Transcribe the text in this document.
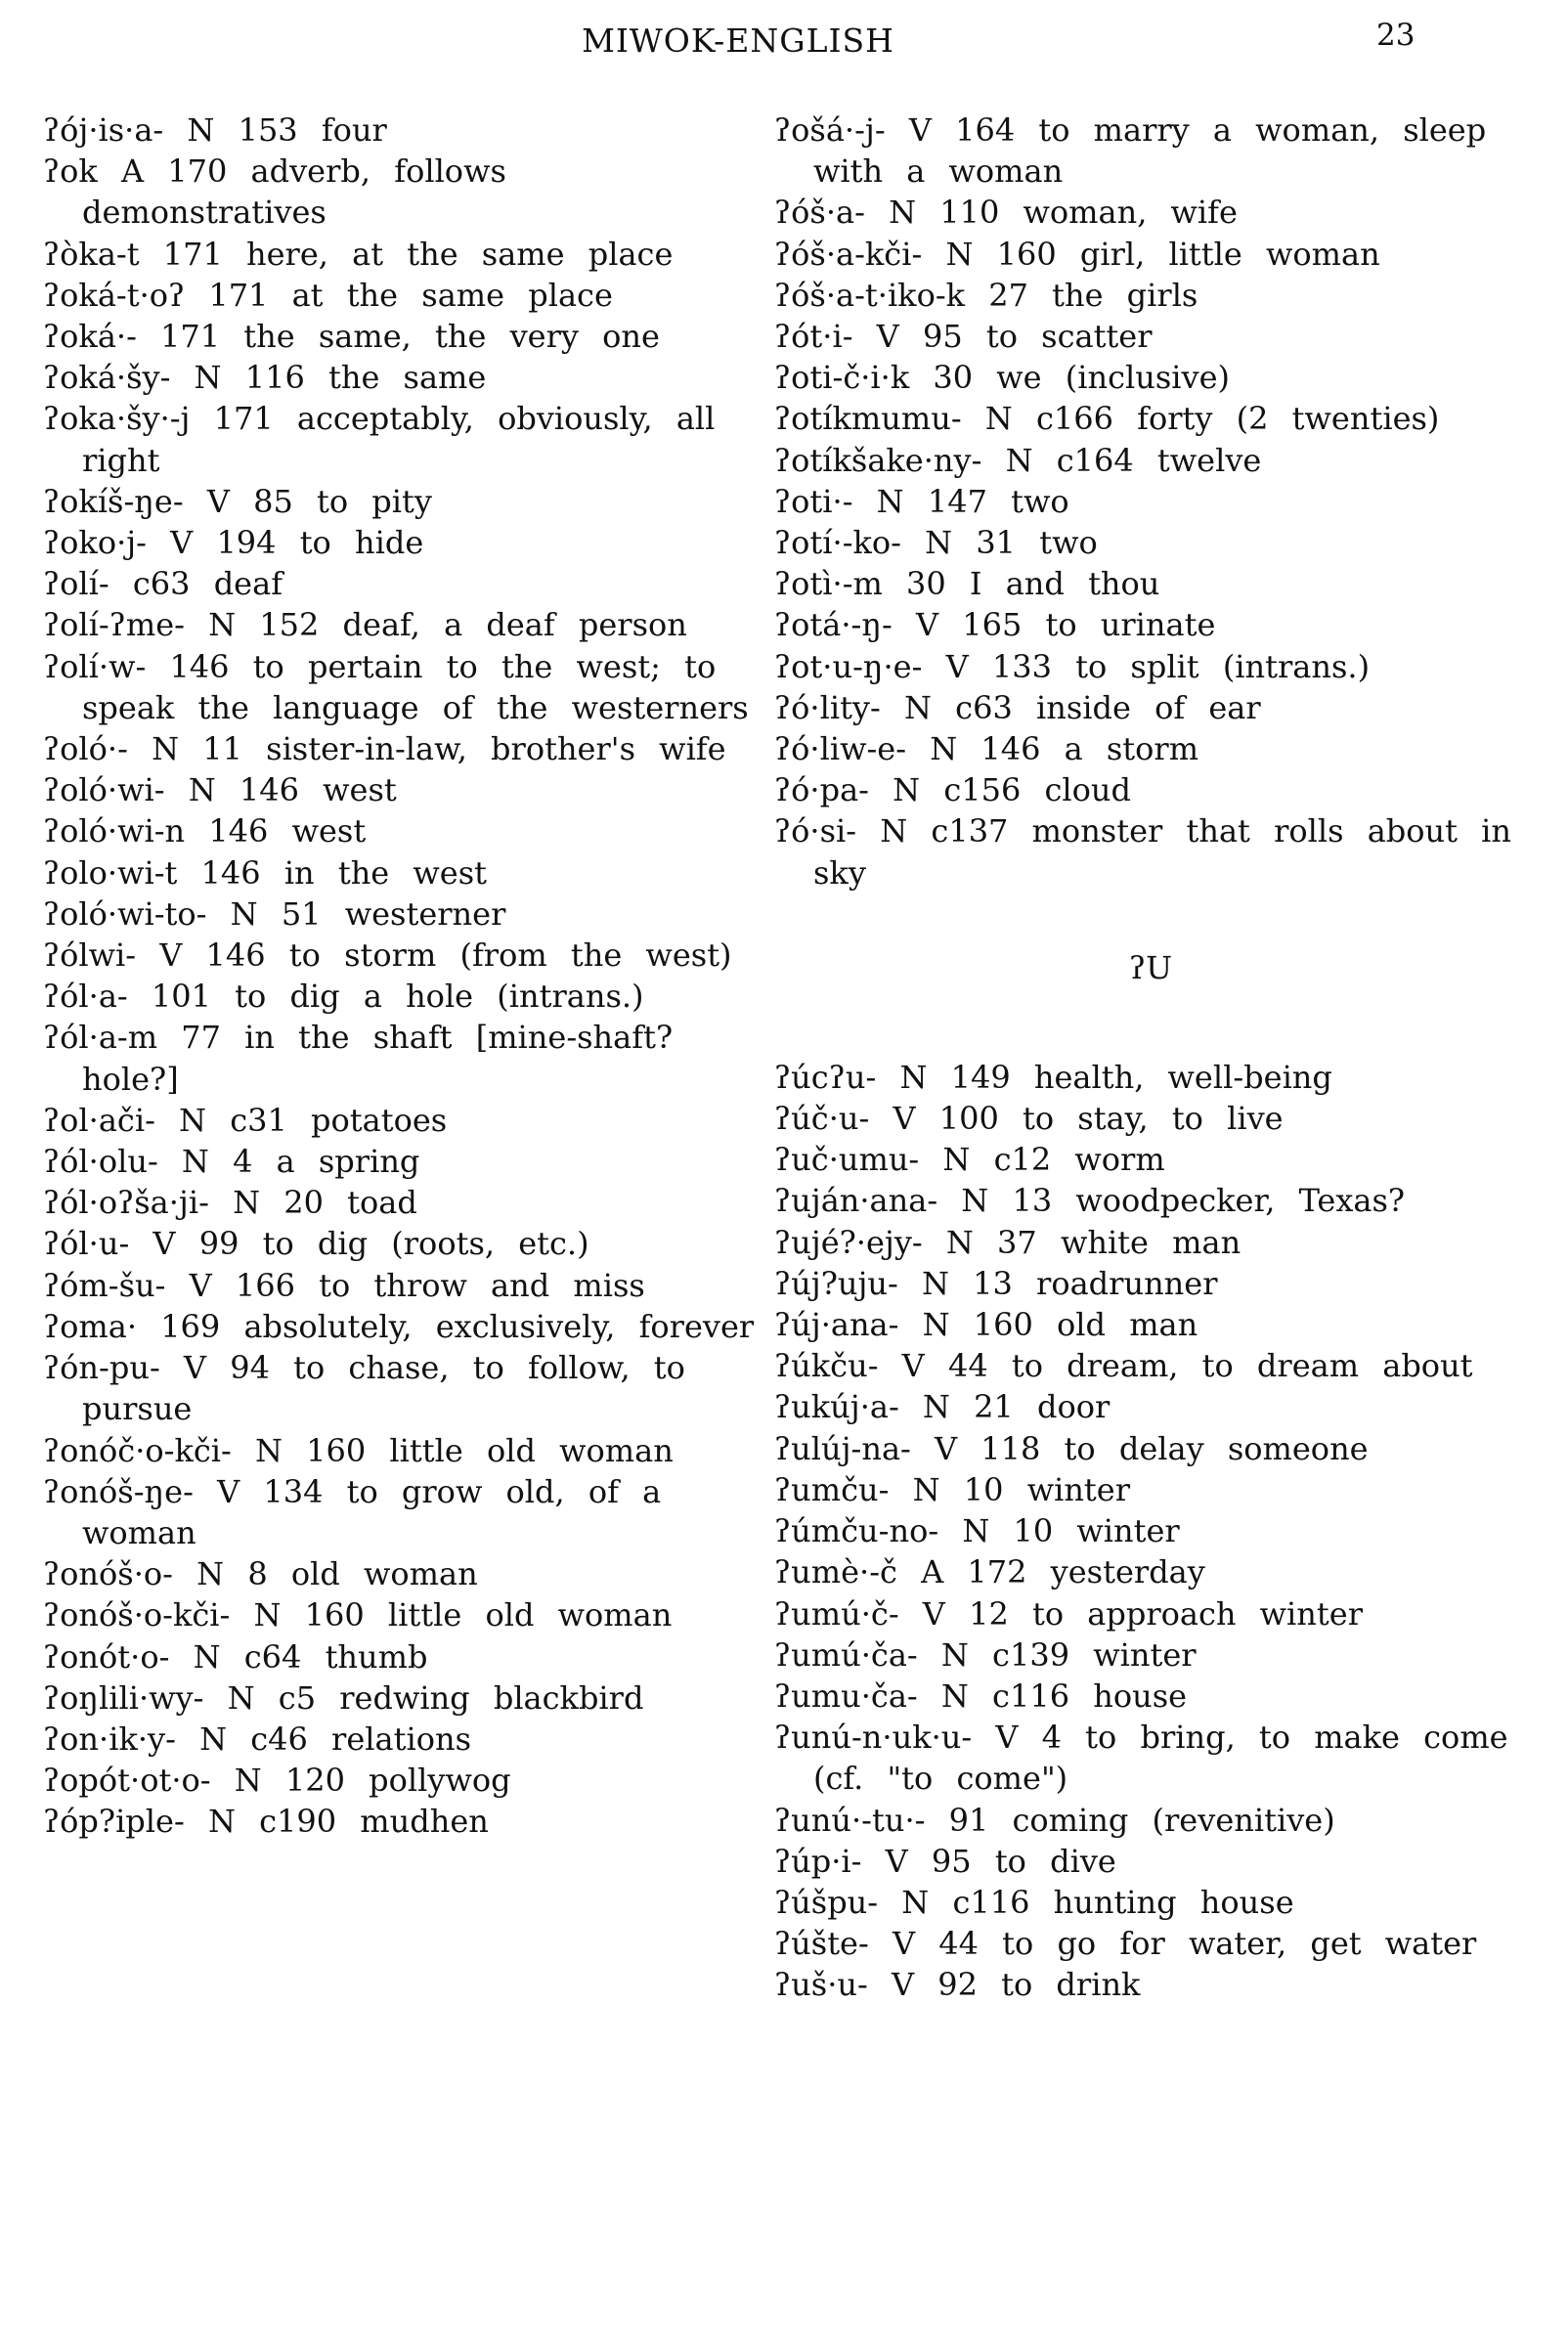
MIWOK-ENGLISH	23
ʔój·is·a- N 153 four
ʔok A 170 adverb, follows demonstratives
ʔòka-t 171 here, at the same place
ʔoká-t·oʔ 171 at the same place
ʔoká·- 171 the same, the very one
ʔoká·šy- N 116 the same
ʔoka·šy·-j 171 acceptably, obviously, all right
ʔokíš-ŋe- V 85 to pity
ʔoko·j- V 194 to hide
ʔolí- c63 deaf
ʔolí-ʔme- N 152 deaf, a deaf person
ʔolí·w- 146 to pertain to the west; to speak the language of the westerners
ʔoló·- N 11 sister-in-law, brother's wife
ʔoló·wi- N 146 west
ʔoló·wi-n 146 west
ʔolo·wi-t 146 in the west
ʔoló·wi-to- N 51 westerner
ʔólwi- V 146 to storm (from the west)
ʔól·a- 101 to dig a hole (intrans.)
ʔól·a-m 77 in the shaft [mine-shaft? hole?]
ʔol·ači- N c31 potatoes
ʔól·olu- N 4 a spring
ʔól·oʔša·ji- N 20 toad
ʔól·u- V 99 to dig (roots, etc.)
ʔóm-šu- V 166 to throw and miss
ʔoma· 169 absolutely, exclusively, forever
ʔón-pu- V 94 to chase, to follow, to pursue
ʔonóč·o-kči- N 160 little old woman
ʔonóš-ŋe- V 134 to grow old, of a woman
ʔonóš·o- N 8 old woman
ʔonóš·o-kči- N 160 little old woman
ʔonót·o- N c64 thumb
ʔoŋlili·wy- N c5 redwing blackbird
ʔon·ik·y- N c46 relations
ʔopót·ot·o- N 120 pollywog
ʔóp?iple- N c190 mudhen
ʔošá·-j- V 164 to marry a woman, sleep with a woman
ʔóš·a- N 110 woman, wife
ʔóš·a-kči- N 160 girl, little woman
ʔóš·a-t·iko-k 27 the girls
ʔót·i- V 95 to scatter
ʔoti-č·i·k 30 we (inclusive)
ʔotíkmumu- N c166 forty (2 twenties)
ʔotíkšake·ny- N c164 twelve
ʔoti·- N 147 two
ʔotí·-ko- N 31 two
ʔotì·-m 30 I and thou
ʔotá·-ŋ- V 165 to urinate
ʔot·u-ŋ·e- V 133 to split (intrans.)
ʔó·lity- N c63 inside of ear
ʔó·liw-e- N 146 a storm
ʔó·pa- N c156 cloud
ʔó·si- N c137 monster that rolls about in sky
ʔU
ʔúcʔu- N 149 health, well-being
ʔúč·u- V 100 to stay, to live
ʔuč·umu- N c12 worm
ʔuján·ana- N 13 woodpecker, Texas?
ʔujé?·ejy- N 37 white man
ʔúj?uju- N 13 roadrunner
ʔúj·ana- N 160 old man
ʔúkču- V 44 to dream, to dream about
ʔukúj·a- N 21 door
ʔulúj-na- V 118 to delay someone
ʔumču- N 10 winter
ʔúmču-no- N 10 winter
ʔumè·-č A 172 yesterday
ʔumú·č- V 12 to approach winter
ʔumú·ča- N c139 winter
ʔumu·ča- N c116 house
ʔunú-n·uk·u- V 4 to bring, to make come (cf. "to come")
ʔunú·-tu·- 91 coming (revenitive)
ʔúp·i- V 95 to dive
ʔúšpu- N c116 hunting house
ʔúšte- V 44 to go for water, get water
ʔuš·u- V 92 to drink
